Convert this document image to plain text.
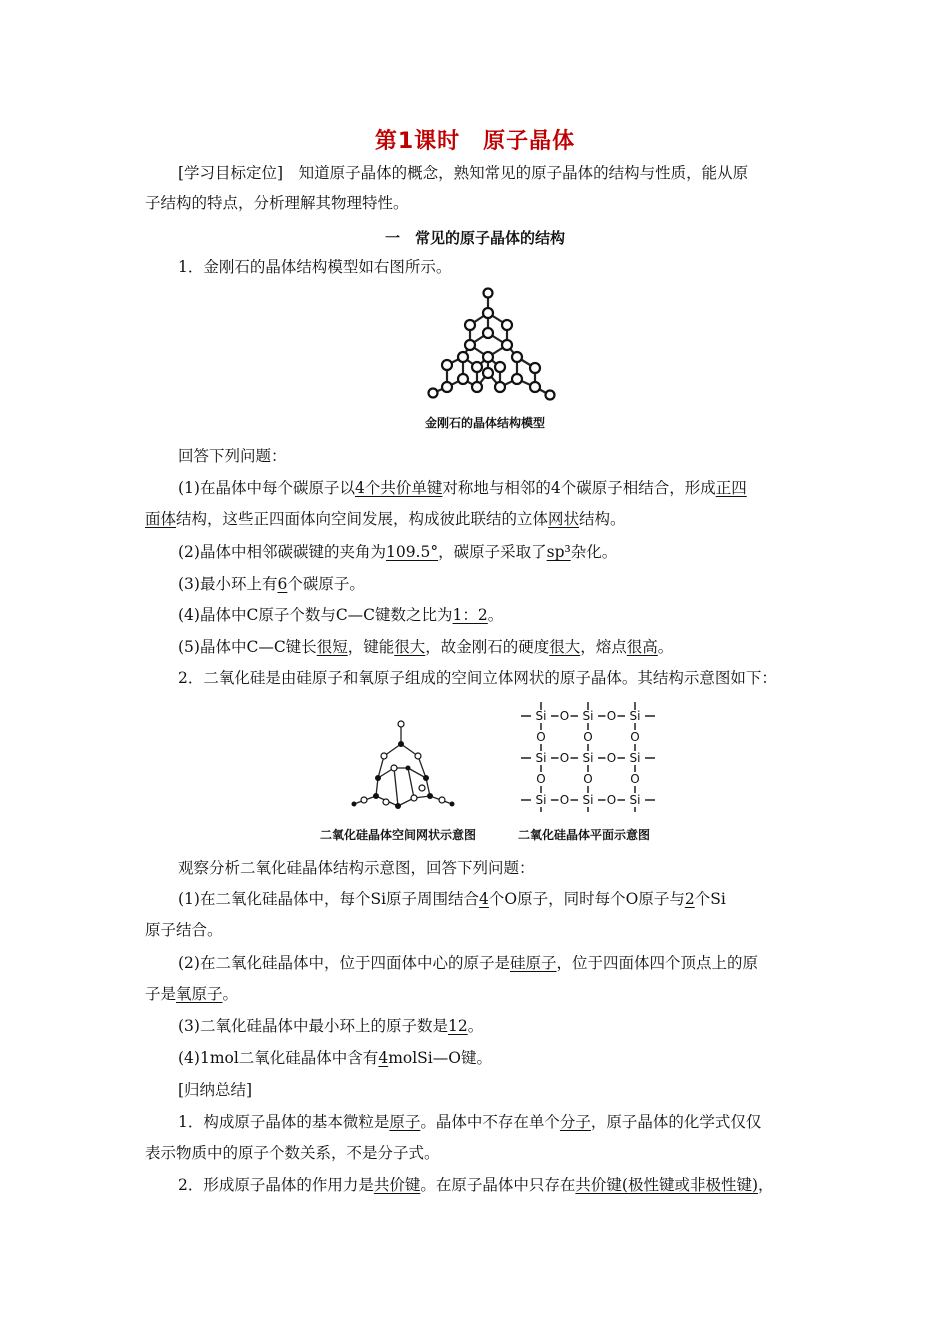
第1课时　原子晶体
[学习目标定位]　知道原子晶体的概念，熟知常见的原子晶体的结构与性质，能从原
子结构的特点，分析理解其物理特性。
一　常见的原子晶体的结构
1．金刚石的晶体结构模型如右图所示。
金刚石的晶体结构模型
回答下列问题：
(1)在晶体中每个碳原子以4个共价单键对称地与相邻的4个碳原子相结合，形成正四
面体结构，这些正四面体向空间发展，构成彼此联结的立体网状结构。
(2)晶体中相邻碳碳键的夹角为109.5°，碳原子采取了sp³杂化。
(3)最小环上有6个碳原子。
(4)晶体中C原子个数与C—C键数之比为1：2。
(5)晶体中C—C键长很短，键能很大，故金刚石的硬度很大，熔点很高。
2．二氧化硅是由硅原子和氧原子组成的空间立体网状的原子晶体。其结构示意图如下：
二氧化硅晶体空间网状示意图
Si O
O
Si O
O
Si
O
Si O
O
Si O
O
Si
O
Si O Si O Si
二氧化硅晶体平面示意图
观察分析二氧化硅晶体结构示意图，回答下列问题：
(1)在二氧化硅晶体中，每个Si原子周围结合4个O原子，同时每个O原子与2个Si
原子结合。
(2)在二氧化硅晶体中，位于四面体中心的原子是硅原子，位于四面体四个顶点上的原
子是氧原子。
(3)二氧化硅晶体中最小环上的原子数是12。
(4)1mol二氧化硅晶体中含有4molSi—O键。
[归纳总结]
1．构成原子晶体的基本微粒是原子。晶体中不存在单个分子，原子晶体的化学式仅仅
表示物质中的原子个数关系，不是分子式。
2．形成原子晶体的作用力是共价键。在原子晶体中只存在共价键(极性键或非极性键)，
